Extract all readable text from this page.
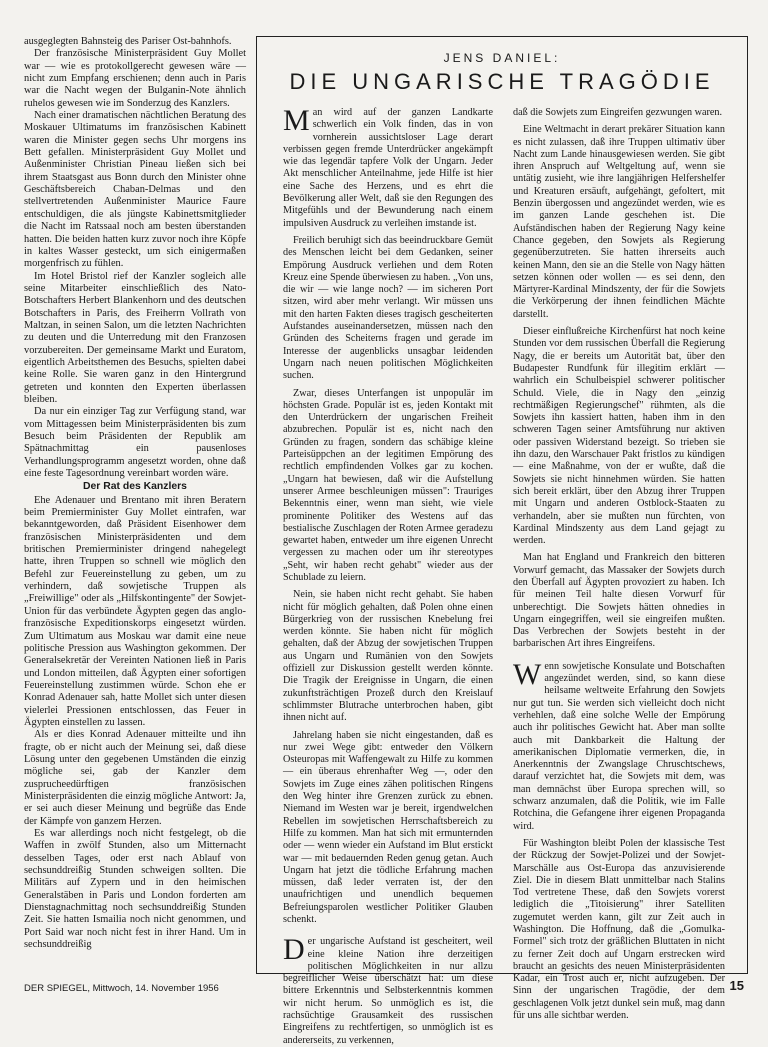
ausgeglegten Bahnsteig des Pariser Ost-bahnhofs.

Der französische Ministerpräsident Guy Mollet war — wie es protokollgerecht gewesen wäre — nicht zum Empfang erschienen; denn auch in Paris war die Nacht wegen der Bulganin-Note ähnlich ruhelos gewesen wie im Sonderzug des Kanzlers.

Nach einer dramatischen nächtlichen Beratung des Moskauer Ultimatums im französischen Kabinett waren die Minister gegen sechs Uhr morgens ins Bett gefallen. Ministerpräsident Guy Mollet und Außenminister Christian Pineau ließen sich bei ihrem Staatsgast aus Bonn durch den Minister ohne Geschäftsbereich Chaban-Delmas und den stellvertretenden Außenminister Maurice Faure entschuldigen, die als jüngste Kabinettsmitglieder die Nacht im Ratssaal noch am besten überstanden hatten. Die beiden hatten kurz zuvor noch ihre Köpfe in kaltes Wasser gesteckt, um sich einigermaßen morgenfrisch zu fühlen.

Im Hotel Bristol rief der Kanzler sogleich alle seine Mitarbeiter einschließlich des Nato-Botschafters Herbert Blankenhorn und des deutschen Botschafters in Paris, des Freiherrn Vollrath von Maltzan, in seinen Salon, um die letzten Nachrichten zu deuten und die Unterredung mit den Franzosen vorzubereiten. Der gemeinsame Markt und Euratom, eigentlich Arbeitsthemen des Besuchs, spielten dabei keine Rolle. Sie waren ganz in den Hintergrund getreten und konnten den Experten überlassen bleiben.

Da nur ein einziger Tag zur Verfügung stand, war vom Mittagessen beim Ministerpräsidenten bis zum Besuch beim Präsidenten der Republik am Spätnachmittag ein pausenloses Verhandlungsprogramm angesetzt worden, ohne daß eine feste Tagesordnung vereinbart worden wäre.

Der Rat des Kanzlers

Ehe Adenauer und Brentano mit ihren Beratern beim Premierminister Guy Mollet eintrafen, war bekanntgeworden, daß Präsident Eisenhower dem französischen Ministerpräsidenten und dem britischen Premierminister dringend nahegelegt hatte, ihren Truppen so schnell wie möglich den Befehl zur Feuereinstellung zu geben, um zu verhindern, daß sowjetische Truppen als „Freiwillige" oder als „Hilfskontingente" der Sowjet-Union für das verbündete Ägypten gegen das anglo-französische Expeditionskorps eingesetzt würden. Zum Ultimatum aus Moskau war damit eine neue politische Pression aus Washington gekommen. Der Generalsekretär der Vereinten Nationen ließ in Paris und London mitteilen, daß Ägypten einer sofortigen Feuereinstellung zustimmen würde. Schon ehe er Konrad Adenauer sah, hatte Mollet sich unter diesen vielerlei Pressionen entschlossen, das Feuer in Ägypten einstellen zu lassen.

Als er dies Konrad Adenauer mitteilte und ihn fragte, ob er nicht auch der Meinung sei, daß diese Lösung unter den gegebenen Umständen die einzig mögliche sei, gab der Kanzler dem zusprucheedürftigen französischen Ministerpräsidenten die einzig mögliche Antwort: Ja, er sei auch dieser Meinung und begrüße das Ende der Kämpfe von ganzem Herzen.

Es war allerdings noch nicht festgelegt, ob die Waffen in zwölf Stunden, also um Mitternacht desselben Tages, oder erst nach Ablauf von sechsunddreißig Stunden schweigen sollten. Die Militärs auf Zypern und in den heimischen Generalstäben in Paris und London forderten am Dienstagnachmittag noch sechsunddreißig Stunden Zeit. Sie hatten Ismailia noch nicht genommen, und Port Said war noch nicht fest in ihrer Hand. Um in sechsunddreißig

JENS DANIEL:
DIE UNGARISCHE TRAGÖDIE

Man wird auf der ganzen Landkarte schwerlich ein Volk finden, das in von vornherein aussichtsloser Lage derart verbissen gegen fremde Unterdrücker angekämpft wie das legendär tapfere Volk der Ungarn. Jeder Akt menschlicher Anteilnahme, jede Hilfe ist hier eine Sache des Herzens, und es ehrt die Bevölkerung aller Welt, daß sie den Regungen des Mitgefühls und der Bewunderung nach einem impulsiven Ausdruck zu verleihen imstande ist.

Freilich beruhigt sich das beeindruckbare Gemüt des Menschen leicht bei dem Gedanken, seiner Empörung Ausdruck verliehen und dem Roten Kreuz eine Spende überwiesen zu haben. „Von uns, die wir — wie lange noch? — im sicheren Port sitzen, wird aber mehr verlangt. Wir müssen uns mit den harten Fakten dieses tragisch gescheiterten Aufstandes auseinandersetzen, müssen nach den Gründen des Scheiterns fragen und gerade im Interesse der augenblicks unsagbar leidenden Ungarn nach neuen politischen Möglichkeiten suchen.

Zwar, dieses Unterfangen ist unpopulär im höchsten Grade. Populär ist es, jeden Kontakt mit den Unterdrückern der ungarischen Freiheit abzubrechen. Populär ist es, nicht nach den Gründen zu fragen, sondern das schäbige kleine Parteisüppchen an der legitimen Empörung des rechtlich empfindenden Volkes gar zu kochen. „Ungarn hat bewiesen, daß wir die Aufstellung unserer Armee beschleunigen müssen": Trauriges Bekenntnis einer, wenn man sieht, wie viele prominente Politiker des Westens auf das bestialische Zuschlagen der Roten Armee geradezu gewartet haben, entweder um ihre eigenen Unrecht vergessen zu machen oder um ihr stereotypes „Seht, wir haben recht gehabt" wieder aus der Schublade zu leiern.

Nein, sie haben nicht recht gehabt. Sie haben nicht für möglich gehalten, daß Polen ohne einen Bürgerkrieg von der russischen Knebelung frei werden könnte. Sie haben nicht für möglich gehalten, daß der Abzug der sowjetischen Truppen aus Ungarn und Rumänien von den Sowjets offiziell zur Diskussion gestellt werden könnte. Die Tragik der Ereignisse in Ungarn, die einen zukunftsträchtigen Prozeß durch den Kreislauf schlimmster Blutrache unterbrochen haben, gibt ihnen nicht auf.

Jahrelang haben sie nicht eingestanden, daß es nur zwei Wege gibt: entweder den Völkern Osteuropas mit Waffengewalt zu Hilfe zu kommen — ein überaus ehrenhafter Weg —, oder den Sowjets im Zuge eines zähen politischen Ringens den Weg hinter ihre Grenzen zurück zu ebnen. Niemand im Westen war je bereit, irgendwelchen Rebellen im sowjetischen Herrschaftsbereich zu Hilfe zu kommen. Man hat sich mit ermunternden oder — wenn wieder ein Aufstand im Blut erstickt war — mit bedauernden Reden genug getan. Auch Ungarn hat jetzt die tödliche Erfahrung machen müssen, daß leder verraten ist, der den unaufrichtigen und unendlich bequemen Befreiungsparolen westlicher Politiker Glauben schenkt.

Der ungarische Aufstand ist gescheitert, weil eine kleine Nation ihre derzeitigen politischen Möglichkeiten in nur allzu begreiflicher Weise überschätzt hat: um diese bittere Erkenntnis und Selbsterkenntnis kommen wir nicht herum. So unmöglich es ist, die rachsüchtige Grausamkeit des russischen Eingreifens zu rechtfertigen, so unmöglich ist es andererseits, zu verkennen,

daß die Sowjets zum Eingreifen gezwungen waren.

Eine Weltmacht in derart prekärer Situation kann es nicht zulassen, daß ihre Truppen ultimativ über Nacht zum Lande hinausgewiesen werden. Sie gibt ihren Anspruch auf Weltgeltung auf, wenn sie untätig zusieht, wie ihre langjährigen Helfershelfer und Kreaturen ersäuft, aufgehängt, gefoltert, mit Benzin übergossen und angezündet werden, wie es im ganzen Lande geschehen ist. Die Aufständischen haben der Regierung Nagy keine Chance gegeben, den Sowjets als Regierung gegenüberzutreten. Sie hatten ihrerseits auch keinen Mann, den sie an die Stelle von Nagy hätten setzen können oder wollen — es sei denn, den Märtyrer-Kardinal Mindszenty, der für die Sowjets die Verkörperung der ihnen feindlichen Mächte darstellt.

Dieser einflußreiche Kirchenfürst hat noch keine Stunden vor dem russischen Überfall die Regierung Nagy, die er bereits um Autorität bat, über den Budapester Rundfunk für illegitim erklärt — wahrlich ein Schulbeispiel schwerer politischer Schuld. Viele, die in Nagy den „einzig rechtmäßigen Regierungschef" rühmten, als die Sowjets ihn kassiert hatten, haben ihm in den schweren Tagen seiner Amtsführung nur aktiven oder passiven Widerstand bezeigt. So trieben sie ihn dazu, den Warschauer Pakt fristlos zu kündigen — eine Maßnahme, von der er wußte, daß die Sowjets sie nicht hinnehmen würden. Sie hatten sich bereit erklärt, über den Abzug ihrer Truppen mit Ungarn und anderen Ostblock-Staaten zu verhandeln, aber sie mußten nun fürchten, von Kardinal Mindszenty aus dem Land gejagt zu werden.

Man hat England und Frankreich den bitteren Vorwurf gemacht, das Massaker der Sowjets durch den Überfall auf Ägypten provoziert zu haben. Ich für meinen Teil halte diesen Vorwurf für unberechtigt. Die Sowjets hätten ohnedies in Ungarn eingegriffen, weil sie eingreifen mußten. Das Verbrechen der Sowjets besteht in der barbarischen Art ihres Eingreifens.

Wenn sowjetische Konsulate und Botschaften angezündet werden, sind, so kann diese heilsame weltweite Erfahrung den Sowjets nur gut tun. Sie werden sich vielleicht doch nicht verhehlen, daß eine solche Welle der Empörung auch ihr politisches Gewicht hat. Aber man sollte auch mit Dankbarkeit die Haltung der amerikanischen Diplomatie vermerken, die, in Anerkenntnis der Zwangslage Chruschtschews, darauf verzichtet hat, die Sowjets mit dem, was man demnächst über Europa sprechen will, so schwarz anzumalen, daß die Politik, wie im Falle Rotchina, die Gefangene ihrer eigenen Propaganda wird.

Für Washington bleibt Polen der klassische Test der Rückzug der Sowjet-Polizei und der Sowjet-Marschälle aus Ost-Europa das anzuvisierende Ziel. Die in diesem Blatt unmittelbar nach Stalins Tod vertretene These, daß den Sowjets vorerst lediglich die „Titoisierung" ihrer Satelliten zugemutet werden kann, gilt zur Zeit auch in Washington. Die Hoffnung, daß die „Gomulka-Formel" sich trotz der gräßlichen Bluttaten in nicht zu ferner Zeit doch auf Ungarn erstrecken wird braucht an gesichts des neuen Ministerpräsidenten Kadar, ein Trost auch er, nicht aufzugeben. Der Sinn der ungarischen Tragödie, der dem geschlagenen Volk jetzt dunkel sein muß, mag dann für uns alle sichtbar werden.

DER SPIEGEL, Mittwoch, 14. November 1956	15
